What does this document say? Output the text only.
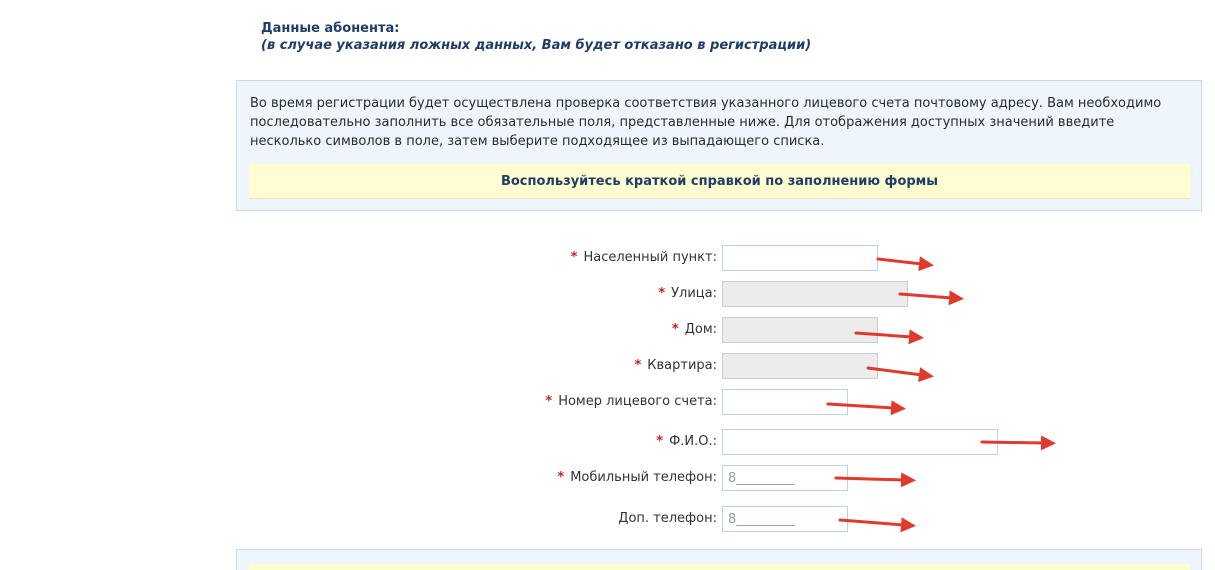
Данные абонента:
(в случае указания ложных данных, Вам будет отказано в регистрации)
Во время регистрации будет осуществлена проверка соответствия указанного лицевого счета почтовому адресу. Вам необходимо последовательно заполнить все обязательные поля, представленные ниже. Для отображения доступных значений введите несколько символов в поле, затем выберите подходящее из выпадающего списка.
Воспользуйтесь краткой справкой по заполнению формы
* Населенный пункт:
* Улица:
* Дом:
* Квартира:
* Номер лицевого счета:
* Ф.И.О.:
* Мобильный телефон:
8_________
Доп. телефон:
8_________
